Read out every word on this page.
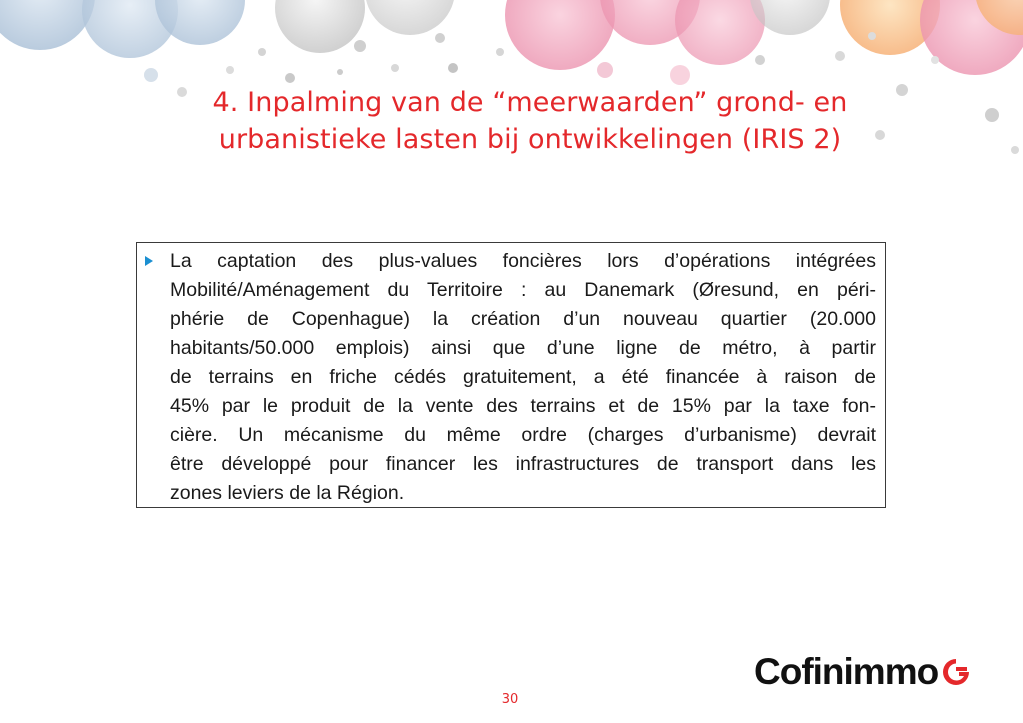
4. Inpalming van de “meerwaarden” grond- en
urbanistieke lasten bij ontwikkelingen (IRIS 2)
La captation des plus-values foncières lors d’opérations intégrées
Mobilité/Aménagement du Territoire : au Danemark (Øresund, en péri-
phérie de Copenhague) la création d’un nouveau quartier (20.000
habitants/50.000 emplois) ainsi que d’une ligne de métro, à partir
de terrains en friche cédés gratuitement, a été financée à raison de
45% par le produit de la vente des terrains et de 15% par la taxe fon-
cière. Un mécanisme du même ordre (charges d’urbanisme) devrait
être développé pour financer les infrastructures de transport dans les
zones leviers de la Région.
30
Cofinimmo
